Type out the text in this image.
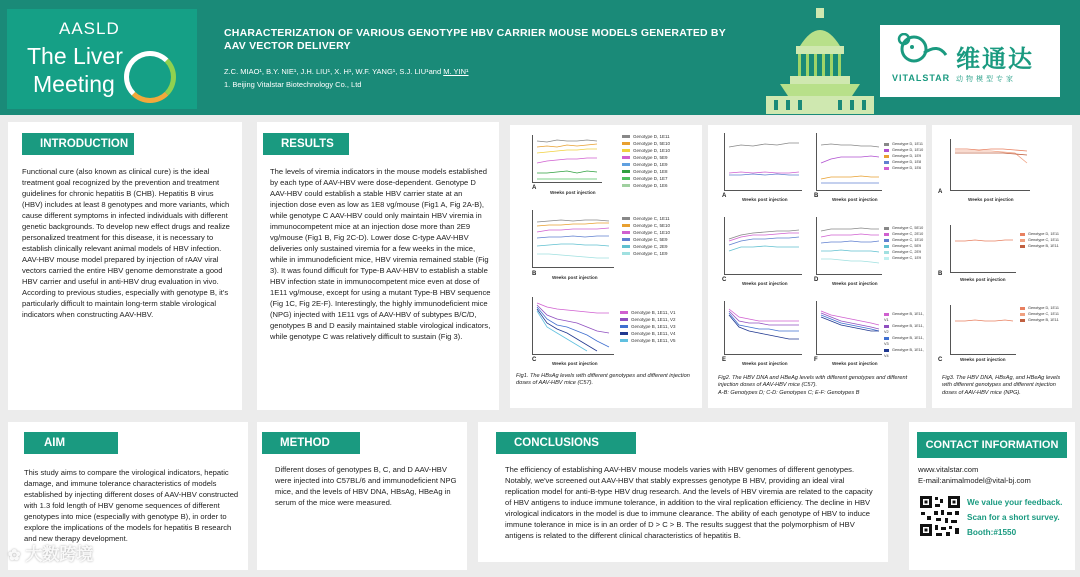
AASLD
The Liver
Meeting
CHARACTERIZATION OF VARIOUS GENOTYPE HBV CARRIER MOUSE MODELS GENERATED BY AAV VECTOR DELIVERY
Z.C. MIAO¹, B.Y. NIE¹, J.H. LIU¹, X. H¹, W.F. YANG¹, S.J. LIU¹and M. YIN¹
1. Beijing Vitalstar Biotechnology Co., Ltd
维通达
VITALSTAR 动物模型专家
INTRODUCTION
Functional cure (also known as clinical cure) is the ideal treatment goal recognized by the prevention and treatment guidelines for chronic hepatitis B (CHB). Hepatitis B virus (HBV) includes at least 8 genotypes and more variants, which cause different symptoms in infected individuals with different genetic backgrounds. To develop new effect drugs and realize personalized treatment for this disease, it is necessary to establish clinically relevant animal models of HBV infection. AAV-HBV mouse model prepared by injection of rAAV viral vectors carried the entire HBV genome demonstrate a good HBV carrier and useful in anti-HBV drug evaluation in vivo. According to previous studies, especially with genotype B, it's particularly difficult to maintain long-term stable virological indicators when constructing AAV-HBV.
RESULTS
The levels of viremia indicators in the mouse models established by each type of AAV-HBV were dose-dependent. Genotype D AAV-HBV could establish a stable HBV carrier state at an injection dose even as low as 1E8 vg/mouse (Fig1 A, Fig 2A-B), while genotype C AAV-HBV could only maintain HBV viremia in immunocompetent mice at an injection dose more than 2E9 vg/mouse (Fig1 B, Fig 2C-D). Lower dose C-type AAV-HBV deliveries only sustained viremia for a few weeks in the mice, while in immunodeficient mice, HBV viremia remained stable (Fig 3). It was found difficult for Type-B AAV-HBV to establish a stable HBV infection state in immunocompetent mice even at dose of 1E11 vg/mouse, except for using a mutant Type-B HBV sequence (Fig 1C, Fig 2E-F). Interestingly, the highly immunodeficient mice (NPG) injected with 1E11 vgs of AAV-HBV of subtypes B/C/D, genotypes B and D easily maintained stable virological indicators, while genotype C was relatively difficult to sustain (Fig 3).
A
Weeks post injection
Genotype D, 1E11
Genotype D, 5E10
Genotype D, 1E10
Genotype D, 5E9
Genotype D, 1E9
Genotype D, 1E8
Genotype D, 1E7
Genotype D, 1E6
B
Weeks post injection
Genotype C, 1E11
Genotype C, 5E10
Genotype C, 1E10
Genotype C, 5E9
Genotype C, 2E9
Genotype C, 1E9
C
Weeks post injection
Genotype B, 1E11, V1
Genotype B, 1E11, V2
Genotype B, 1E11, V3
Genotype B, 1E11, V4
Genotype B, 1E11, V5
Fig1. The HBsAg levels with different genotypes and different injection doses of AAV-HBV mice (C57).
A
Weeks post injection
B
Weeks post injection
Genotype D, 1E11
Genotype D, 1E10
Genotype D, 1E9
Genotype D, 1E8
Genotype D, 1E6
C
Weeks post injection
D
Weeks post injection
Genotype C, 5E10
Genotype C, 2E10
Genotype C, 1E10
Genotype C, 5E9
Genotype C, 2E9
Genotype C, 1E9
E
Weeks post injection
F
Weeks post injection
Genotype B, 1E11, V1
Genotype B, 1E11, V2
Genotype B, 1E11, V3
Genotype B, 1E11, V4
Fig2. The HBV DNA and HBeAg levels with different genotypes and different injection doses of AAV-HBV mice (C57).
A-B: Genotypes D; C-D: Genotypes C; E-F: Genotypes B
A
Weeks post injection
B
Weeks post injection
Genotype D, 1E11
Genotype C, 1E11
Genotype B, 1E11
C	Weeks post injection
Genotype D, 1E11
Genotype C, 1E11
Genotype B, 1E11
Fig3. The HBV DNA, HBsAg, and HBeAg levels with different genotypes and different injection doses of AAV-HBV mice (NPG).
AIM
This study aims to compare the virological indicators, hepatic damage, and immune tolerance characteristics of models established by injecting different doses of AAV-HBV constructed with 1.3 fold length of HBV genome sequences of different genotypes into mice (especially with genotype B), in order to explore the implications of the models for hepatitis B research and new therapy development.
METHOD
Different doses of genotypes B, C, and D AAV-HBV were injected into C57BL/6 and immunodeficient NPG mice, and the levels of HBV DNA, HBsAg, HBeAg in serum of the mice were measured.
CONCLUSIONS
The efficiency of establishing AAV-HBV mouse models varies with HBV genomes of different genotypes. Notably, we've screened out AAV-HBV that stably expresses genotype B HBV, providing an ideal viral replication model for anti-B-type HBV drug research. And the levels of HBV viremia are related to the capacity of HBV antigens to induce immune tolerance, in addition to the viral replication efficiency. The decline in HBV virological indicators in the model is due to immune clearance. The ability of each genotype of HBV to induce immune tolerance in mice is in an order of D > C > B. The results suggest that the polymorphism of HBV antigens is related to the different clinical characteristics of hepatitis B.
CONTACT INFORMATION
www.vitalstar.com
E-mail:animalmodel@vital-bj.com
We value your feedback.
Scan for a short survey.
Booth:#1550
✿ 大数跨境
